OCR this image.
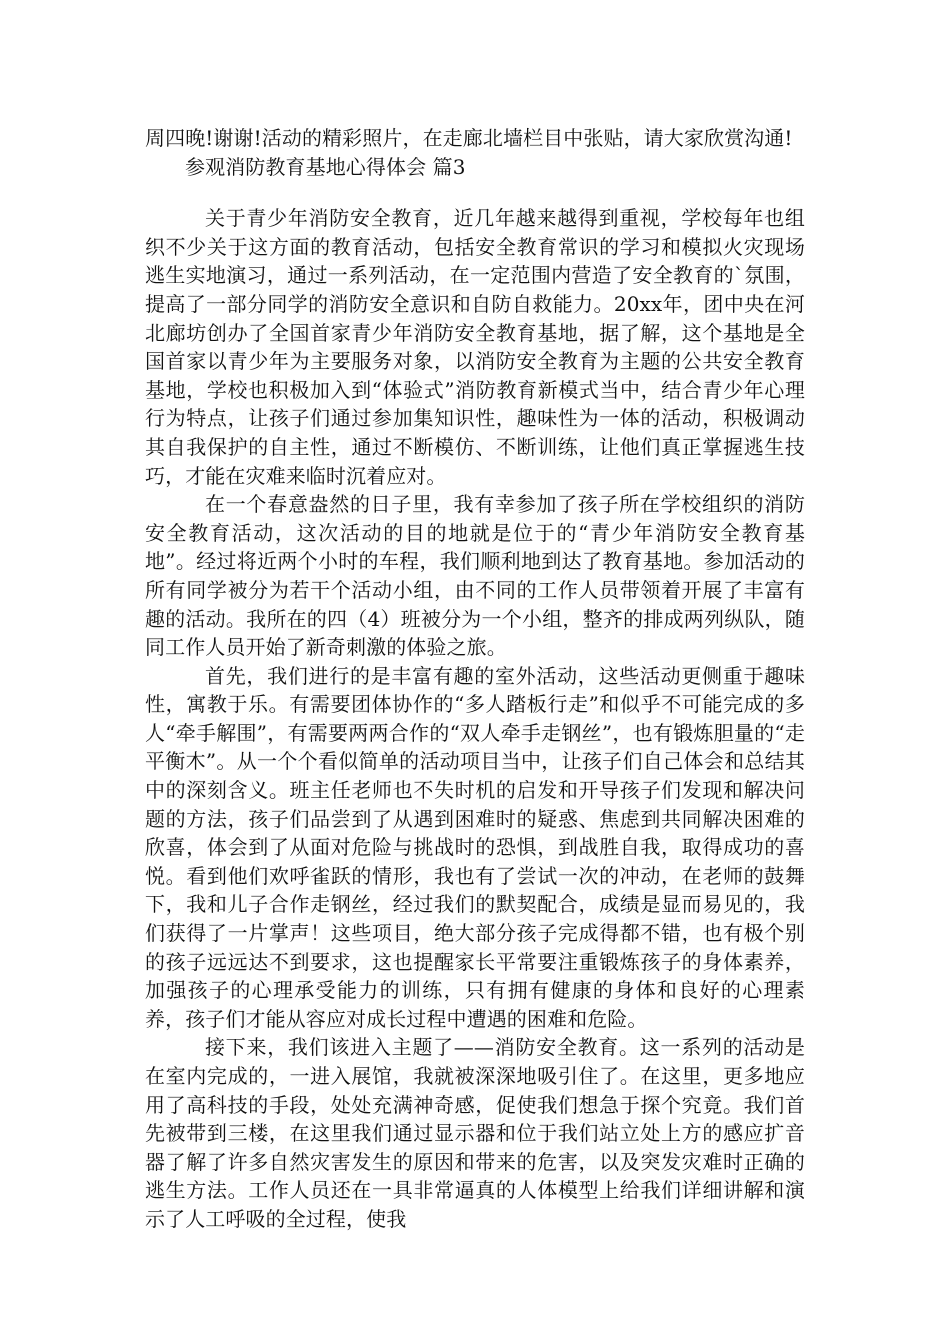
周四晚!谢谢!活动的精彩照片，在走廊北墙栏目中张贴，请大家欣赏沟通!

参观消防教育基地心得体会 篇3

关于青少年消防安全教育，近几年越来越得到重视，学校每年也组织不少关于这方面的教育活动，包括安全教育常识的学习和模拟火灾现场逃生实地演习，通过一系列活动，在一定范围内营造了安全教育的`氛围，提高了一部分同学的消防安全意识和自防自救能力。20xx年，团中央在河北廊坊创办了全国首家青少年消防安全教育基地，据了解，这个基地是全国首家以青少年为主要服务对象，以消防安全教育为主题的公共安全教育基地，学校也积极加入到“体验式”消防教育新模式当中，结合青少年心理行为特点，让孩子们通过参加集知识性，趣味性为一体的活动，积极调动其自我保护的自主性，通过不断模仿、不断训练，让他们真正掌握逃生技巧，才能在灾难来临时沉着应对。

在一个春意盎然的日子里，我有幸参加了孩子所在学校组织的消防安全教育活动，这次活动的目的地就是位于的“青少年消防安全教育基地”。经过将近两个小时的车程，我们顺利地到达了教育基地。参加活动的所有同学被分为若干个活动小组，由不同的工作人员带领着开展了丰富有趣的活动。我所在的四（4）班被分为一个小组，整齐的排成两列纵队，随同工作人员开始了新奇刺激的体验之旅。

首先，我们进行的是丰富有趣的室外活动，这些活动更侧重于趣味性，寓教于乐。有需要团体协作的“多人踏板行走”和似乎不可能完成的多人“牵手解围”，有需要两两合作的“双人牵手走钢丝”，也有锻炼胆量的“走平衡木”。从一个个看似简单的活动项目当中，让孩子们自己体会和总结其中的深刻含义。班主任老师也不失时机的启发和开导孩子们发现和解决问题的方法，孩子们品尝到了从遇到困难时的疑惑、焦虑到共同解决困难的欣喜，体会到了从面对危险与挑战时的恐惧，到战胜自我，取得成功的喜悦。看到他们欢呼雀跃的情形，我也有了尝试一次的冲动，在老师的鼓舞下，我和儿子合作走钢丝，经过我们的默契配合，成绩是显而易见的，我们获得了一片掌声！这些项目，绝大部分孩子完成得都不错，也有极个别的孩子远远达不到要求，这也提醒家长平常要注重锻炼孩子的身体素养，加强孩子的心理承受能力的训练，只有拥有健康的身体和良好的心理素养，孩子们才能从容应对成长过程中遭遇的困难和危险。

接下来，我们该进入主题了——消防安全教育。这一系列的活动是在室内完成的，一进入展馆，我就被深深地吸引住了。在这里，更多地应用了高科技的手段，处处充满神奇感，促使我们想急于探个究竟。我们首先被带到三楼，在这里我们通过显示器和位于我们站立处上方的感应扩音器了解了许多自然灾害发生的原因和带来的危害，以及突发灾难时正确的逃生方法。工作人员还在一具非常逼真的人体模型上给我们详细讲解和演示了人工呼吸的全过程，使我
